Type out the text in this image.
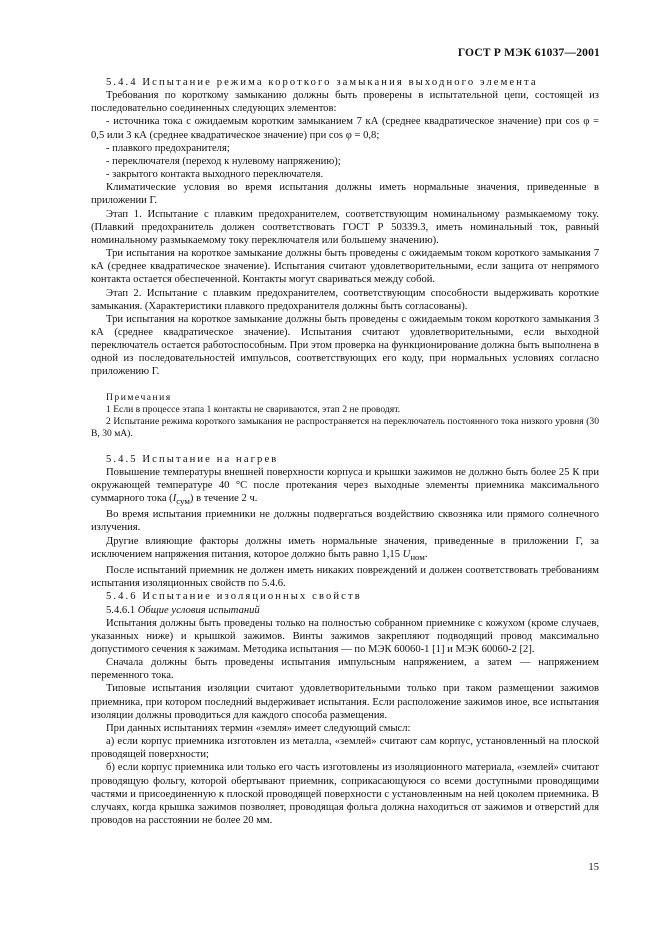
ГОСТ Р МЭК 61037—2001

5.4.4 Испытание режима короткого замыкания выходного элемента

Требования по короткому замыканию должны быть проверены в испытательной цепи, состоящей из последовательно соединенных следующих элементов:

- источника тока с ожидаемым коротким замыканием 7 кА (среднее квадратическое значение) при cos φ = 0,5 или 3 кА (среднее квадратическое значение) при cos φ = 0,8;

- плавкого предохранителя;

- переключателя (переход к нулевому напряжению);

- закрытого контакта выходного переключателя.

Климатические условия во время испытания должны иметь нормальные значения, приведенные в приложении Г.

Этап 1. Испытание с плавким предохранителем, соответствующим номинальному размыкаемому току. (Плавкий предохранитель должен соответствовать ГОСТ Р 50339.3, иметь номинальный ток, равный номинальному размыкаемому току переключателя или большему значению).

Три испытания на короткое замыкание должны быть проведены с ожидаемым током короткого замыкания 7 кА (среднее квадратическое значение). Испытания считают удовлетворительными, если защита от непрямого контакта остается обеспеченной. Контакты могут свариваться между собой.

Этап 2. Испытание с плавким предохранителем, соответствующим способности выдерживать короткие замыкания. (Характеристики плавкого предохранителя должны быть согласованы).

Три испытания на короткое замыкание должны быть проведены с ожидаемым током короткого замыкания 3 кА (среднее квадратическое значение). Испытания считают удовлетворительными, если выходной переключатель остается работоспособным. При этом проверка на функционирование должна быть выполнена в одной из последовательностей импульсов, соответствующих его коду, при нормальных условиях согласно приложению Г.

Примечания

1 Если в процессе этапа 1 контакты не свариваются, этап 2 не проводят.

2 Испытание режима короткого замыкания не распространяется на переключатель постоянного тока низкого уровня (30 В, 30 мА).

5.4.5 Испытание на нагрев

Повышение температуры внешней поверхности корпуса и крышки зажимов не должно быть более 25 К при окружающей температуре 40 °С после протекания через выходные элементы приемника максимального суммарного тока $(I_{сум})$ в течение 2 ч.

Во время испытания приемники не должны подвергаться воздействию сквозняка или прямого солнечного излучения.

Другие влияющие факторы должны иметь нормальные значения, приведенные в приложении Г, за исключением напряжения питания, которое должно быть равно 1,15 $U_{ном}$.

После испытаний приемник не должен иметь никаких повреждений и должен соответствовать требованиям испытания изоляционных свойств по 5.4.6.

5.4.6 Испытание изоляционных свойств

5.4.6.1 Общие условия испытаний

Испытания должны быть проведены только на полностью собранном приемнике с кожухом (кроме случаев, указанных ниже) и крышкой зажимов. Винты зажимов закрепляют подводящий провод максимально допустимого сечения к зажимам. Методика испытания — по МЭК 60060-1 [1] и МЭК 60060-2 [2].

Сначала должны быть проведены испытания импульсным напряжением, а затем — напряжением переменного тока.

Типовые испытания изоляции считают удовлетворительными только при таком размещении зажимов приемника, при котором последний выдерживает испытания. Если расположение зажимов иное, все испытания изоляции должны проводиться для каждого способа размещения.

При данных испытаниях термин «земля» имеет следующий смысл:

а) если корпус приемника изготовлен из металла, «землей» считают сам корпус, установленный на плоской проводящей поверхности;

б) если корпус приемника или только его часть изготовлены из изоляционного материала, «землей» считают проводящую фольгу, которой обертывают приемник, соприкасающуюся со всеми доступными проводящими частями и присоединенную к плоской проводящей поверхности с установленным на ней цоколем приемника. В случаях, когда крышка зажимов позволяет, проводящая фольга должна находиться от зажимов и отверстий для проводов на расстоянии не более 20 мм.

15
